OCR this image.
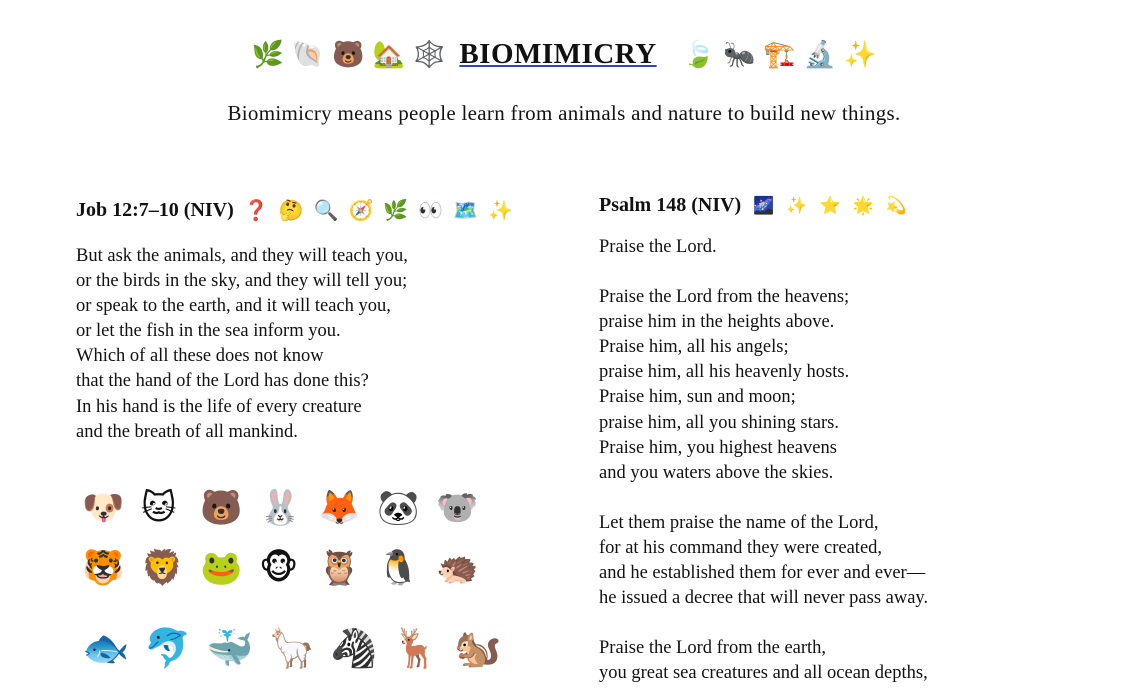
🌿 🐚 🐻 🏡 🕸️ BIOMIMICRY 🍃 🐜 🏗️ 🔬 ✨
Biomimicry means people learn from animals and nature to build new things.
Job 12:7–10 (NIV) ❓ 🤔 🔍 🧭 🌿 👀 🗺️ ✨
But ask the animals, and they will teach you,
or the birds in the sky, and they will tell you;
or speak to the earth, and it will teach you,
or let the fish in the sea inform you.
Which of all these does not know
that the hand of the Lord has done this?
In his hand is the life of every creature
and the breath of all mankind.
🐶 🐱 🐻 🐰 🦊 🐼 🐨
🐯 🦁 🐸 🐵 🦉 🐧 🦔
🐟 🐬 🐳 🦙 🦓 🦌 🐿️
Psalm 148 (NIV) 🌌 ✨ ⭐ 🌟 💫
Praise the Lord.
Praise the Lord from the heavens;
praise him in the heights above.
Praise him, all his angels;
praise him, all his heavenly hosts.
Praise him, sun and moon;
praise him, all you shining stars.
Praise him, you highest heavens
and you waters above the skies.
Let them praise the name of the Lord,
for at his command they were created,
and he established them for ever and ever—
he issued a decree that will never pass away.
Praise the Lord from the earth,
you great sea creatures and all ocean depths,
